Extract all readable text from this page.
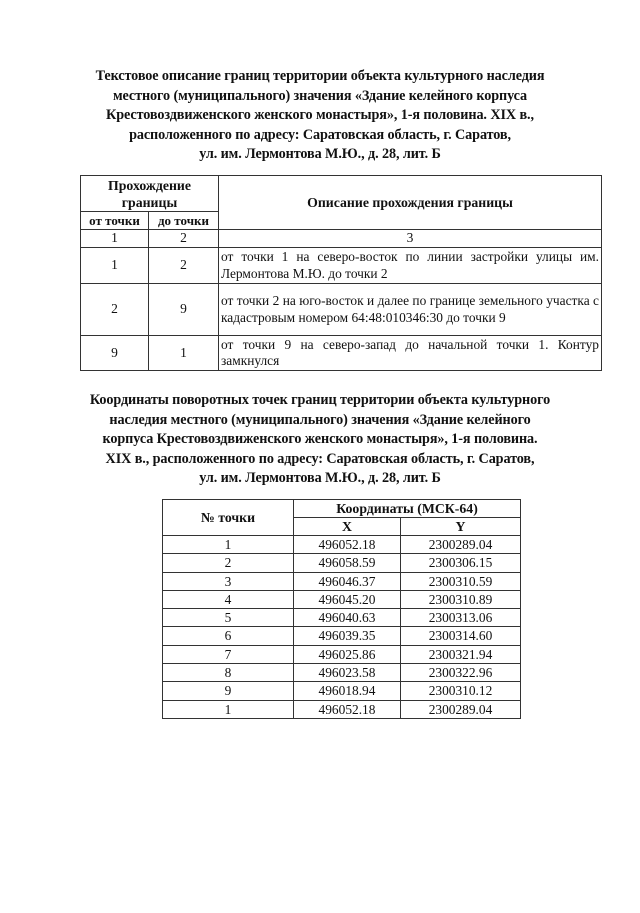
Текстовое описание границ территории объекта культурного наследия
местного (муниципального) значения «Здание келейного корпуса
Крестовоздвиженского женского монастыря», 1-я половина. XIX в.,
расположенного по адресу: Саратовская область, г. Саратов,
ул. им. Лермонтова М.Ю., д. 28, лит. Б
Прохождение границы		Описание прохождения границы
от точки	до точки	
1	2	3
1	2	от точки 1 на северо-восток по линии застройки улицы им. Лермонтова М.Ю. до точки 2
2	9	от точки 2 на юго-восток и далее по границе земельного участка с кадастровым номером 64:48:010346:30 до точки 9
9	1	от точки 9 на северо-запад до начальной точки 1. Контур замкнулся
Координаты поворотных точек границ территории объекта культурного
наследия местного (муниципального) значения «Здание келейного
корпуса Крестовоздвиженского женского монастыря», 1-я половина.
XIX в., расположенного по адресу: Саратовская область, г. Саратов,
ул. им. Лермонтова М.Ю., д. 28, лит. Б
№ точки	Координаты (МСК-64)	
	X	Y
1	496052.18	2300289.04
2	496058.59	2300306.15
3	496046.37	2300310.59
4	496045.20	2300310.89
5	496040.63	2300313.06
6	496039.35	2300314.60
7	496025.86	2300321.94
8	496023.58	2300322.96
9	496018.94	2300310.12
1	496052.18	2300289.04
